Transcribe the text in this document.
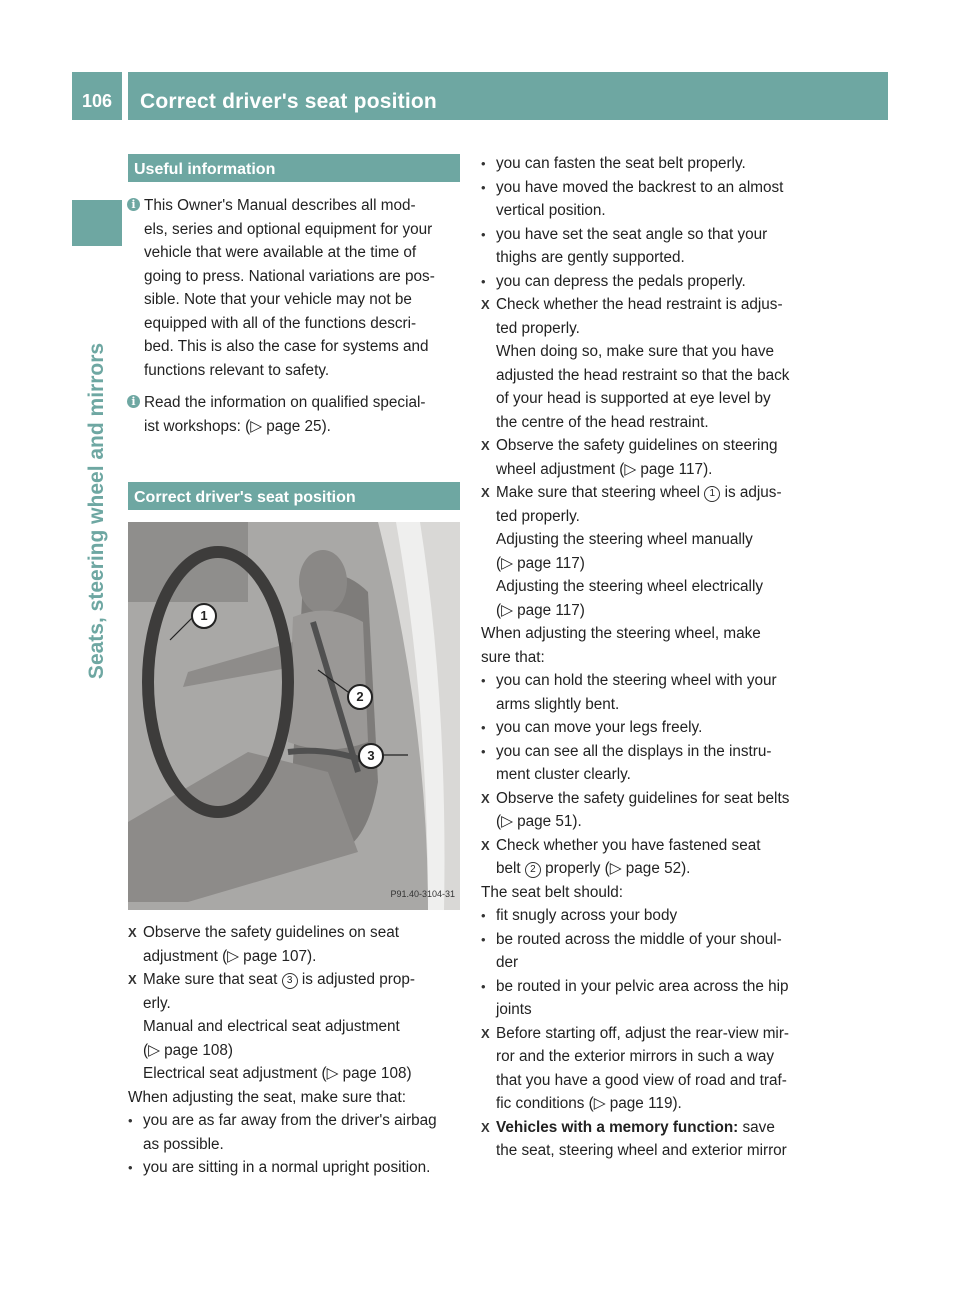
106	Correct driver's seat position
Seats, steering wheel and mirrors
Useful information
i This Owner's Manual describes all mod-
els, series and optional equipment for your
vehicle that were available at the time of
going to press. National variations are pos-
sible. Note that your vehicle may not be
equipped with all of the functions descri-
bed. This is also the case for systems and
functions relevant to safety.
i Read the information on qualified special-
ist workshops: (▷ page 25).
Correct driver's seat position
1
2
3
P91.40-3104-31
X Observe the safety guidelines on seat
adjustment (▷ page 107).
X Make sure that seat 3 is adjusted prop-
erly.
Manual and electrical seat adjustment
(▷ page 108)
Electrical seat adjustment (▷ page 108)
When adjusting the seat, make sure that:
• you are as far away from the driver's airbag
as possible.
• you are sitting in a normal upright position.
• you can fasten the seat belt properly.
• you have moved the backrest to an almost
vertical position.
• you have set the seat angle so that your
thighs are gently supported.
• you can depress the pedals properly.
X Check whether the head restraint is adjus-
ted properly.
When doing so, make sure that you have
adjusted the head restraint so that the back
of your head is supported at eye level by
the centre of the head restraint.
X Observe the safety guidelines on steering
wheel adjustment (▷ page 117).
X Make sure that steering wheel 1 is adjus-
ted properly.
Adjusting the steering wheel manually
(▷ page 117)
Adjusting the steering wheel electrically
(▷ page 117)
When adjusting the steering wheel, make
sure that:
• you can hold the steering wheel with your
arms slightly bent.
• you can move your legs freely.
• you can see all the displays in the instru-
ment cluster clearly.
X Observe the safety guidelines for seat belts
(▷ page 51).
X Check whether you have fastened seat
belt 2 properly (▷ page 52).
The seat belt should:
• fit snugly across your body
• be routed across the middle of your shoul-
der
• be routed in your pelvic area across the hip
joints
X Before starting off, adjust the rear-view mir-
ror and the exterior mirrors in such a way
that you have a good view of road and traf-
fic conditions (▷ page 119).
X Vehicles with a memory function: save
the seat, steering wheel and exterior mirror
